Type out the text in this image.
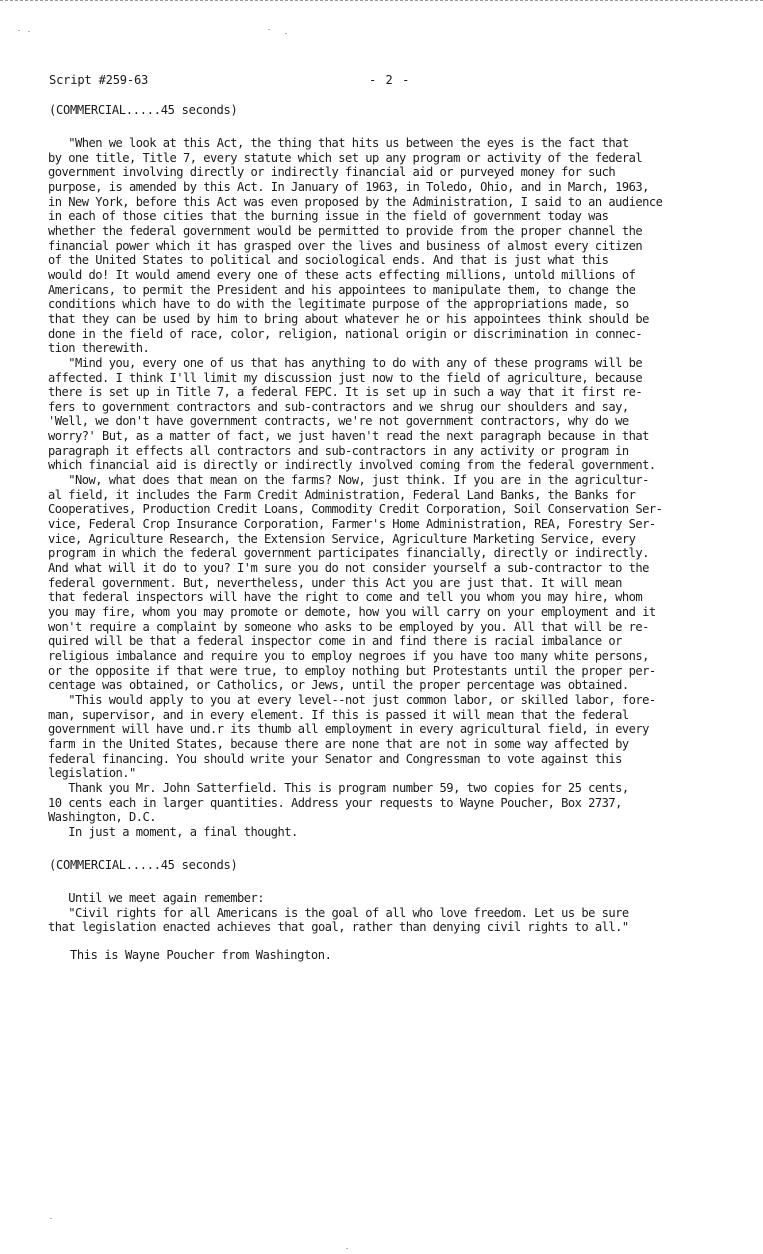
Script #259-63	- 2 -
(COMMERCIAL.....45 seconds)
"When we look at this Act, the thing that hits us between the eyes is the fact that
by one title, Title 7, every statute which set up any program or activity of the federal
government involving directly or indirectly financial aid or purveyed money for such
purpose, is amended by this Act. In January of 1963, in Toledo, Ohio, and in March, 1963,
in New York, before this Act was even proposed by the Administration, I said to an audience
in each of those cities that the burning issue in the field of government today was
whether the federal government would be permitted to provide from the proper channel the
financial power which it has grasped over the lives and business of almost every citizen
of the United States to political and sociological ends. And that is just what this
would do! It would amend every one of these acts effecting millions, untold millions of
Americans, to permit the President and his appointees to manipulate them, to change the
conditions which have to do with the legitimate purpose of the appropriations made, so
that they can be used by him to bring about whatever he or his appointees think should be
done in the field of race, color, religion, national origin or discrimination in connec-
tion therewith.
"Mind you, every one of us that has anything to do with any of these programs will be
affected. I think I'll limit my discussion just now to the field of agriculture, because
there is set up in Title 7, a federal FEPC. It is set up in such a way that it first re-
fers to government contractors and sub-contractors and we shrug our shoulders and say,
'Well, we don't have government contracts, we're not government contractors, why do we
worry?' But, as a matter of fact, we just haven't read the next paragraph because in that
paragraph it effects all contractors and sub-contractors in any activity or program in
which financial aid is directly or indirectly involved coming from the federal government.
"Now, what does that mean on the farms? Now, just think. If you are in the agricultur-
al field, it includes the Farm Credit Administration, Federal Land Banks, the Banks for
Cooperatives, Production Credit Loans, Commodity Credit Corporation, Soil Conservation Ser-
vice, Federal Crop Insurance Corporation, Farmer's Home Administration, REA, Forestry Ser-
vice, Agriculture Research, the Extension Service, Agriculture Marketing Service, every
program in which the federal government participates financially, directly or indirectly.
And what will it do to you? I'm sure you do not consider yourself a sub-contractor to the
federal government. But, nevertheless, under this Act you are just that. It will mean
that federal inspectors will have the right to come and tell you whom you may hire, whom
you may fire, whom you may promote or demote, how you will carry on your employment and it
won't require a complaint by someone who asks to be employed by you. All that will be re-
quired will be that a federal inspector come in and find there is racial imbalance or
religious imbalance and require you to employ negroes if you have too many white persons,
or the opposite if that were true, to employ nothing but Protestants until the proper per-
centage was obtained, or Catholics, or Jews, until the proper percentage was obtained.
"This would apply to you at every level--not just common labor, or skilled labor, fore-
man, supervisor, and in every element. If this is passed it will mean that the federal
government will have und.r its thumb all employment in every agricultural field, in every
farm in the United States, because there are none that are not in some way affected by
federal financing. You should write your Senator and Congressman to vote against this
legislation."
Thank you Mr. John Satterfield. This is program number 59, two copies for 25 cents,
10 cents each in larger quantities. Address your requests to Wayne Poucher, Box 2737,
Washington, D.C.
In just a moment, a final thought.
(COMMERCIAL.....45 seconds)
Until we meet again remember:
"Civil rights for all Americans is the goal of all who love freedom. Let us be sure
that legislation enacted achieves that goal, rather than denying civil rights to all."
This is Wayne Poucher from Washington.
